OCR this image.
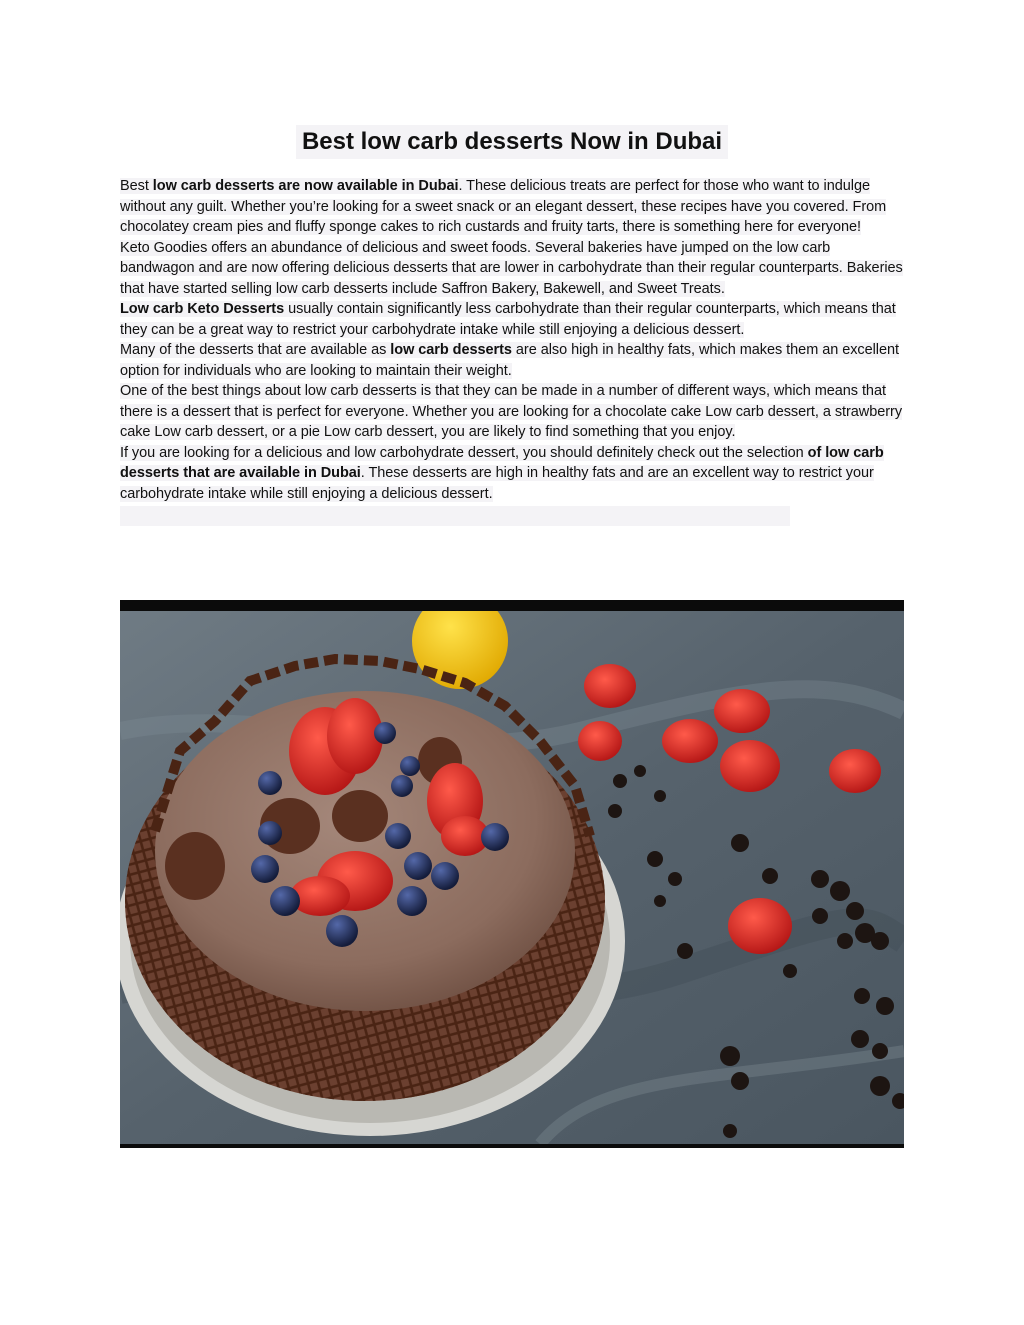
Best low carb desserts Now in Dubai

Best low carb desserts are now available in Dubai. These delicious treats are perfect for those who want to indulge without any guilt. Whether you’re looking for a sweet snack or an elegant dessert, these recipes have you covered. From chocolatey cream pies and fluffy sponge cakes to rich custards and fruity tarts, there is something here for everyone!

Keto Goodies offers an abundance of delicious and sweet foods. Several bakeries have jumped on the low carb bandwagon and are now offering delicious desserts that are lower in carbohydrate than their regular counterparts. Bakeries that have started selling low carb desserts include Saffron Bakery, Bakewell, and Sweet Treats.

Low carb Keto Desserts usually contain significantly less carbohydrate than their regular counterparts, which means that they can be a great way to restrict your carbohydrate intake while still enjoying a delicious dessert.

Many of the desserts that are available as low carb desserts are also high in healthy fats, which makes them an excellent option for individuals who are looking to maintain their weight.

One of the best things about low carb desserts is that they can be made in a number of different ways, which means that there is a dessert that is perfect for everyone. Whether you are looking for a chocolate cake Low carb dessert, a strawberry cake Low carb dessert, or a pie Low carb dessert, you are likely to find something that you enjoy.

If you are looking for a delicious and low carbohydrate dessert, you should definitely check out the selection of low carb desserts that are available in Dubai. These desserts are high in healthy fats and are an excellent way to restrict your carbohydrate intake while still enjoying a delicious dessert.
